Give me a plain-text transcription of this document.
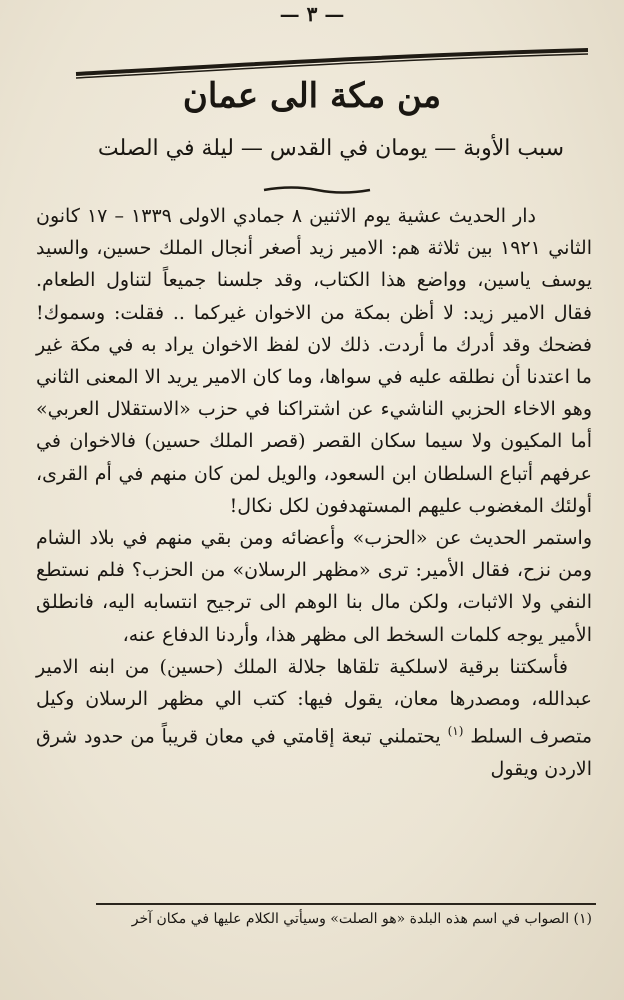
— ٣ —
من مكة الى عمان
سبب الأوبة — يومان في القدس — ليلة في الصلت

دار الحديث عشية يوم الاثنين ٨ جمادي الاولى ١٣٣٩ – ١٧ كانون الثاني ١٩٢١ بين ثلاثة هم: الامير زيد أصغر أنجال الملك حسين، والسيد يوسف ياسين، وواضع هذا الكتاب، وقد جلسنا جميعاً لتناول الطعام. فقال الامير زيد: لا أظن بمكة من الاخوان غيركما .. فقلت: وسموك! فضحك وقد أدرك ما أردت. ذلك لان لفظ الاخوان يراد به في مكة غير ما اعتدنا أن نطلقه عليه في سواها، وما كان الامير يريد الا المعنى الثاني وهو الاخاء الحزبي الناشيء عن اشتراكنا في حزب «الاستقلال العربي» أما المكيون ولا سيما سكان القصر (قصر الملك حسين) فالاخوان في عرفهم أتباع السلطان ابن السعود، والويل لمن كان منهم في أم القرى، أولئك المغضوب عليهم المستهدفون لكل نكال!

واستمر الحديث عن «الحزب» وأعضائه ومن بقي منهم في بلاد الشام ومن نزح، فقال الأمير: ترى «مظهر الرسلان» من الحزب؟ فلم نستطع النفي ولا الاثبات، ولكن مال بنا الوهم الى ترجيح انتسابه اليه، فانطلق الأمير يوجه كلمات السخط الى مظهر هذا، وأردنا الدفاع عنه،

فأسكتنا برقية لاسلكية تلقاها جلالة الملك (حسين) من ابنه الامير عبدالله، ومصدرها معان، يقول فيها: كتب الي مظهر الرسلان وكيل متصرف السلط $^{(١)}$ يحتملني تبعة إقامتي في معان قريباً من حدود شرق الاردن ويقول

(١) الصواب في اسم هذه البلدة «هو الصلت» وسيأتي الكلام عليها في مكان آخر
